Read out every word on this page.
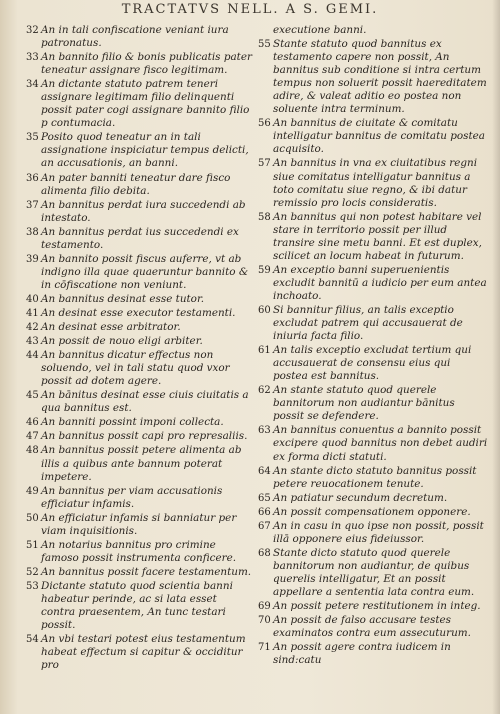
TRACTATVS NELL. A S. GEMI.
32 An in tali confiscatione veniant iura patronatus.
33 An bannito filio & bonis publicatis pater teneatur assignare fisco legitimam.
34 An dictante statuto patrem teneri assignare legitimam filio delinquenti possit pater cogi assignare bannito filio p contumacia.
35 Posito quod teneatur an in tali assignatione inspiciatur tempus delicti, an accusationis, an banni.
36 An pater banniti teneatur dare fisco alimenta filio debita.
37 An bannitus perdat iura succedendi ab intestato.
38 An bannitus perdat ius succedendi ex testamento.
39 An bannito possit fiscus auferre, vt ab indigno illa quae quaeruntur bannito & in cōfiscatione non veniunt.
40 An bannitus desinat esse tutor.
41 An desinat esse executor testamenti.
42 An desinat esse arbitrator.
43 An possit de nouo eligi arbiter.
44 An bannitus dicatur effectus non soluendo, vel in tali statu quod vxor possit ad dotem agere.
45 An bānitus desinat esse ciuis ciuitatis a qua bannitus est.
46 An banniti possint imponi collecta.
47 An bannitus possit capi pro represaliis.
48 An bannitus possit petere alimenta ab illis a quibus ante bannum poterat impetere.
49 An bannitus per viam accusationis efficiatur infamis.
50 An efficiatur infamis si banniatur per viam inquisitionis.
51 An notarius bannitus pro crimine famoso possit instrumenta conficere.
52 An bannitus possit facere testamentum.
53 Dictante statuto quod scientia banni habeatur perinde, ac si lata esset contra praesentem, An tunc testari possit.
54 An vbi testari potest eius testamentum habeat effectum si capitur & occiditur pro
executione banni.
55 Stante statuto quod bannitus ex testamento capere non possit, An bannitus sub conditione si intra certum tempus non soluerit possit haereditatem adire, & valeat aditio eo postea non soluente intra terminum.
56 An bannitus de ciuitate & comitatu intelligatur bannitus de comitatu postea acquisito.
57 An bannitus in vna ex ciuitatibus regni siue comitatus intelligatur bannitus a toto comitatu siue regno, & ibi datur remissio pro locis consideratis.
58 An bannitus qui non potest habitare vel stare in territorio possit per illud transire sine metu banni. Et est duplex, scilicet an locum habeat in futurum.
59 An exceptio banni superuenientis excludit bannitū a iudicio per eum antea inchoato.
60 Si bannitur filius, an talis exceptio excludat patrem qui accusauerat de iniuria facta filio.
61 An talis exceptio excludat tertium qui accusauerat de consensu eius qui postea est bannitus.
62 An stante statuto quod querele bannitorum non audiantur bānitus possit se defendere.
63 An bannitus conuentus a bannito possit excipere quod bannitus non debet audiri ex forma dicti statuti.
64 An stante dicto statuto bannitus possit petere reuocationem tenute.
65 An patiatur secundum decretum.
66 An possit compensationem opponere.
67 An in casu in quo ipse non possit, possit illā opponere eius fideiussor.
68 Stante dicto statuto quod querele bannitorum non audiantur, de quibus querelis intelligatur, Et an possit appellare a sententia lata contra eum.
69 An possit petere restitutionem in integ.
70 An possit de falso accusare testes examinatos contra eum assecuturum.
71 An possit agere contra iudicem in sind:catu
